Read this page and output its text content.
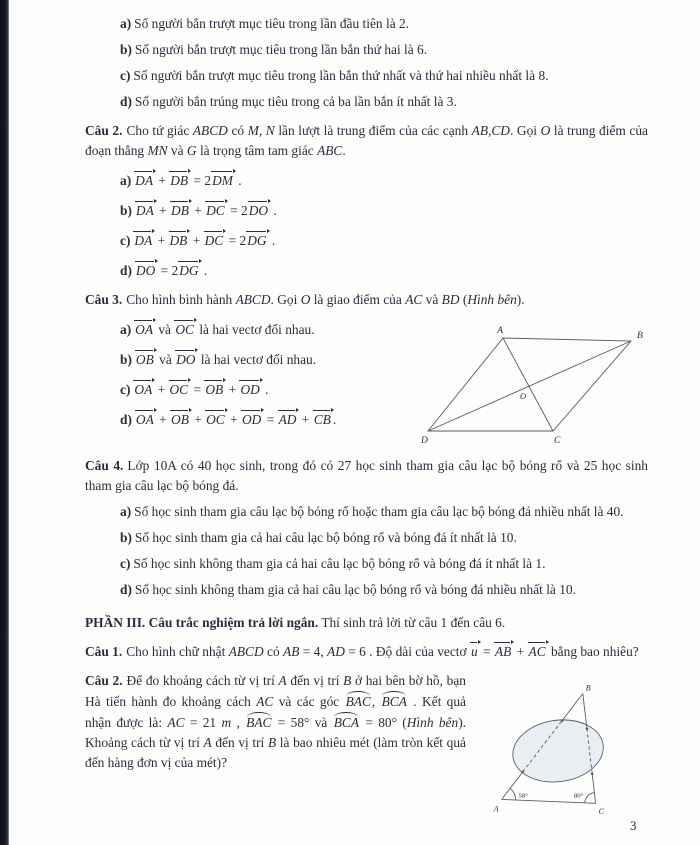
a) Số người bắn trượt mục tiêu trong lần đầu tiên là 2.

b) Số người bắn trượt mục tiêu trong lần bắn thứ hai là 6.

c) Số người bắn trượt mục tiêu trong lần bắn thứ nhất và thứ hai nhiều nhất là 8.

d) Số người bắn trúng mục tiêu trong cả ba lần bắn ít nhất là 3.

Câu 2. Cho tứ giác ABCD có M, N lần lượt là trung điểm của các cạnh AB,CD. Gọi O là trung điểm của đoạn thẳng MN và G là trọng tâm tam giác ABC.

a) DA + DB = 2DM .

b) DA + DB + DC = 2DO .

c) DA + DB + DC = 2DG .

d) DO = 2DG .

Câu 3. Cho hình bình hành ABCD. Gọi O là giao điểm của AC và BD (Hình bên).

a) OA và OC là hai vectơ đối nhau.

b) OB và DO là hai vectơ đối nhau.

c) OA + OC = OB + OD .

d) OA + OB + OC + OD = AD + CB .

A	B
C
D
O

Câu 4. Lớp 10A có 40 học sinh, trong đó có 27 học sinh tham gia câu lạc bộ bóng rổ và 25 học sinh tham gia câu lạc bộ bóng đá.

a) Số học sinh tham gia câu lạc bộ bóng rổ hoặc tham gia câu lạc bộ bóng đá nhiều nhất là 40.

b) Số học sinh tham gia cả hai câu lạc bộ bóng rổ và bóng đá ít nhất là 10.

c) Số học sinh không tham gia cả hai câu lạc bộ bóng rổ và bóng đá ít nhất là 1.

d) Số học sinh không tham gia cả hai câu lạc bộ bóng rổ và bóng đá nhiều nhất là 10.

PHẦN III. Câu trắc nghiệm trả lời ngắn. Thí sinh trả lời từ câu 1 đến câu 6.

Câu 1. Cho hình chữ nhật ABCD có AB = 4, AD = 6 . Độ dài của vectơ u = AB + AC bằng bao nhiêu?

B
A	C
58°	80°

Câu 2. Để đo khoảng cách từ vị trí A đến vị trí B ở hai bên bờ hồ, bạn Hà tiến hành đo khoảng cách AC và các góc BAC, BCA . Kết quả nhận được là: AC = 21 m , BAC = 58° và BCA = 80° (Hình bên). Khoảng cách từ vị trí A đến vị trí B là bao nhiêu mét (làm tròn kết quả đến hàng đơn vị của mét)?

3
